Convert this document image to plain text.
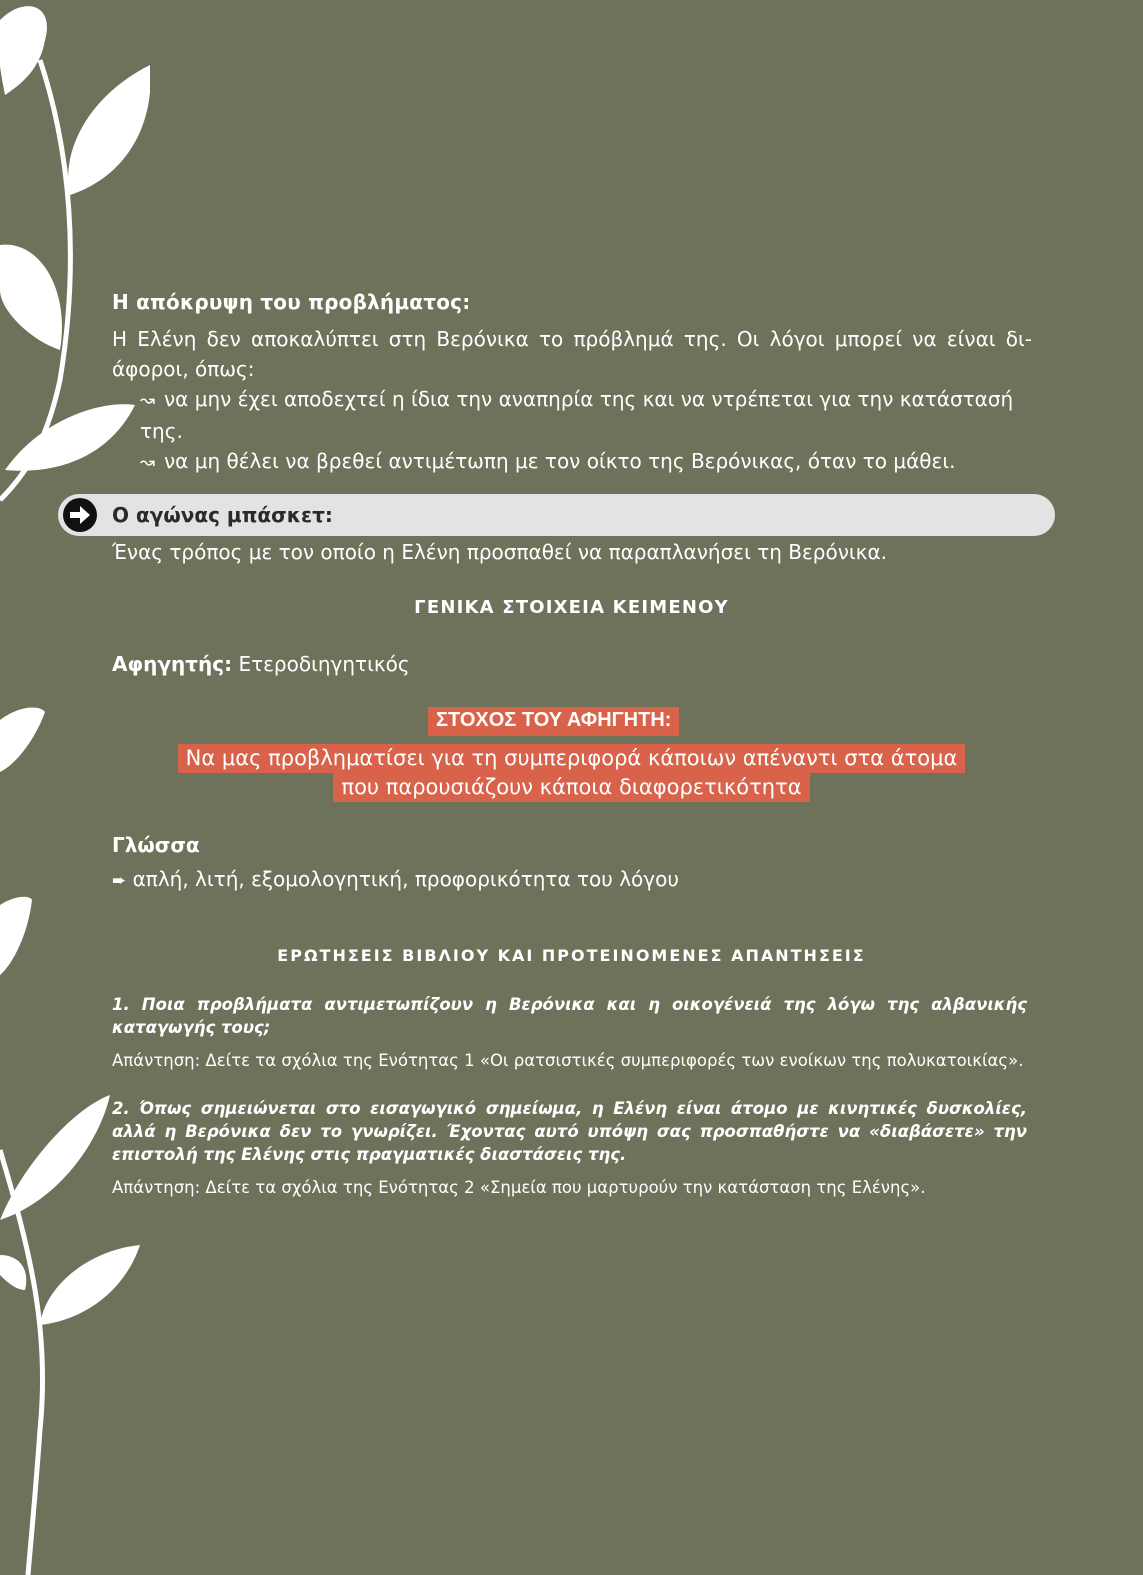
Η απόκρυψη του προβλήματος:

Η Ελένη δεν αποκαλύπτει στη Βερόνικα το πρόβλημά της. Οι λόγοι μπορεί να είναι δι-άφοροι, όπως:

↝ να μην έχει αποδεχτεί η ίδια την αναπηρία της και να ντρέπεται για την κατάστασή της.
↝ να μη θέλει να βρεθεί αντιμέτωπη με τον οίκτο της Βερόνικας, όταν το μάθει.
Ο αγώνας μπάσκετ:
Ένας τρόπος με τον οποίο η Ελένη προσπαθεί να παραπλανήσει τη Βερόνικα.
ΓΕΝΙΚΑ ΣΤΟΙΧΕΙΑ ΚΕΙΜΕΝΟΥ
Αφηγητής: Ετεροδιηγητικός
ΣΤΟΧΟΣ ΤΟΥ ΑΦΗΓΗΤΗ:
Να μας προβληματίσει για τη συμπεριφορά κάποιων απέναντι στα άτομα
που παρουσιάζουν κάποια διαφορετικότητα
Γλώσσα
➨ απλή, λιτή, εξομολογητική, προφορικότητα του λόγου
ΕΡΩΤΗΣΕΙΣ ΒΙΒΛΙΟΥ ΚΑΙ ΠΡΟΤΕΙΝΟΜΕΝΕΣ ΑΠΑΝΤΗΣΕΙΣ

1. Ποια προβλήματα αντιμετωπίζουν η Βερόνικα και η οικογένειά της λόγω της αλβανικής καταγωγής τους;

Απάντηση: Δείτε τα σχόλια της Ενότητας 1 «Οι ρατσιστικές συμπεριφορές των ενοίκων της πολυκατοικίας».

2. Όπως σημειώνεται στο εισαγωγικό σημείωμα, η Ελένη είναι άτομο με κινητικές δυσκολίες, αλλά η Βερόνικα δεν το γνωρίζει. Έχοντας αυτό υπόψη σας προσπαθήστε να «διαβάσετε» την επιστολή της Ελένης στις πραγματικές διαστάσεις της.

Απάντηση: Δείτε τα σχόλια της Ενότητας 2 «Σημεία που μαρτυρούν την κατάσταση της Ελένης».
